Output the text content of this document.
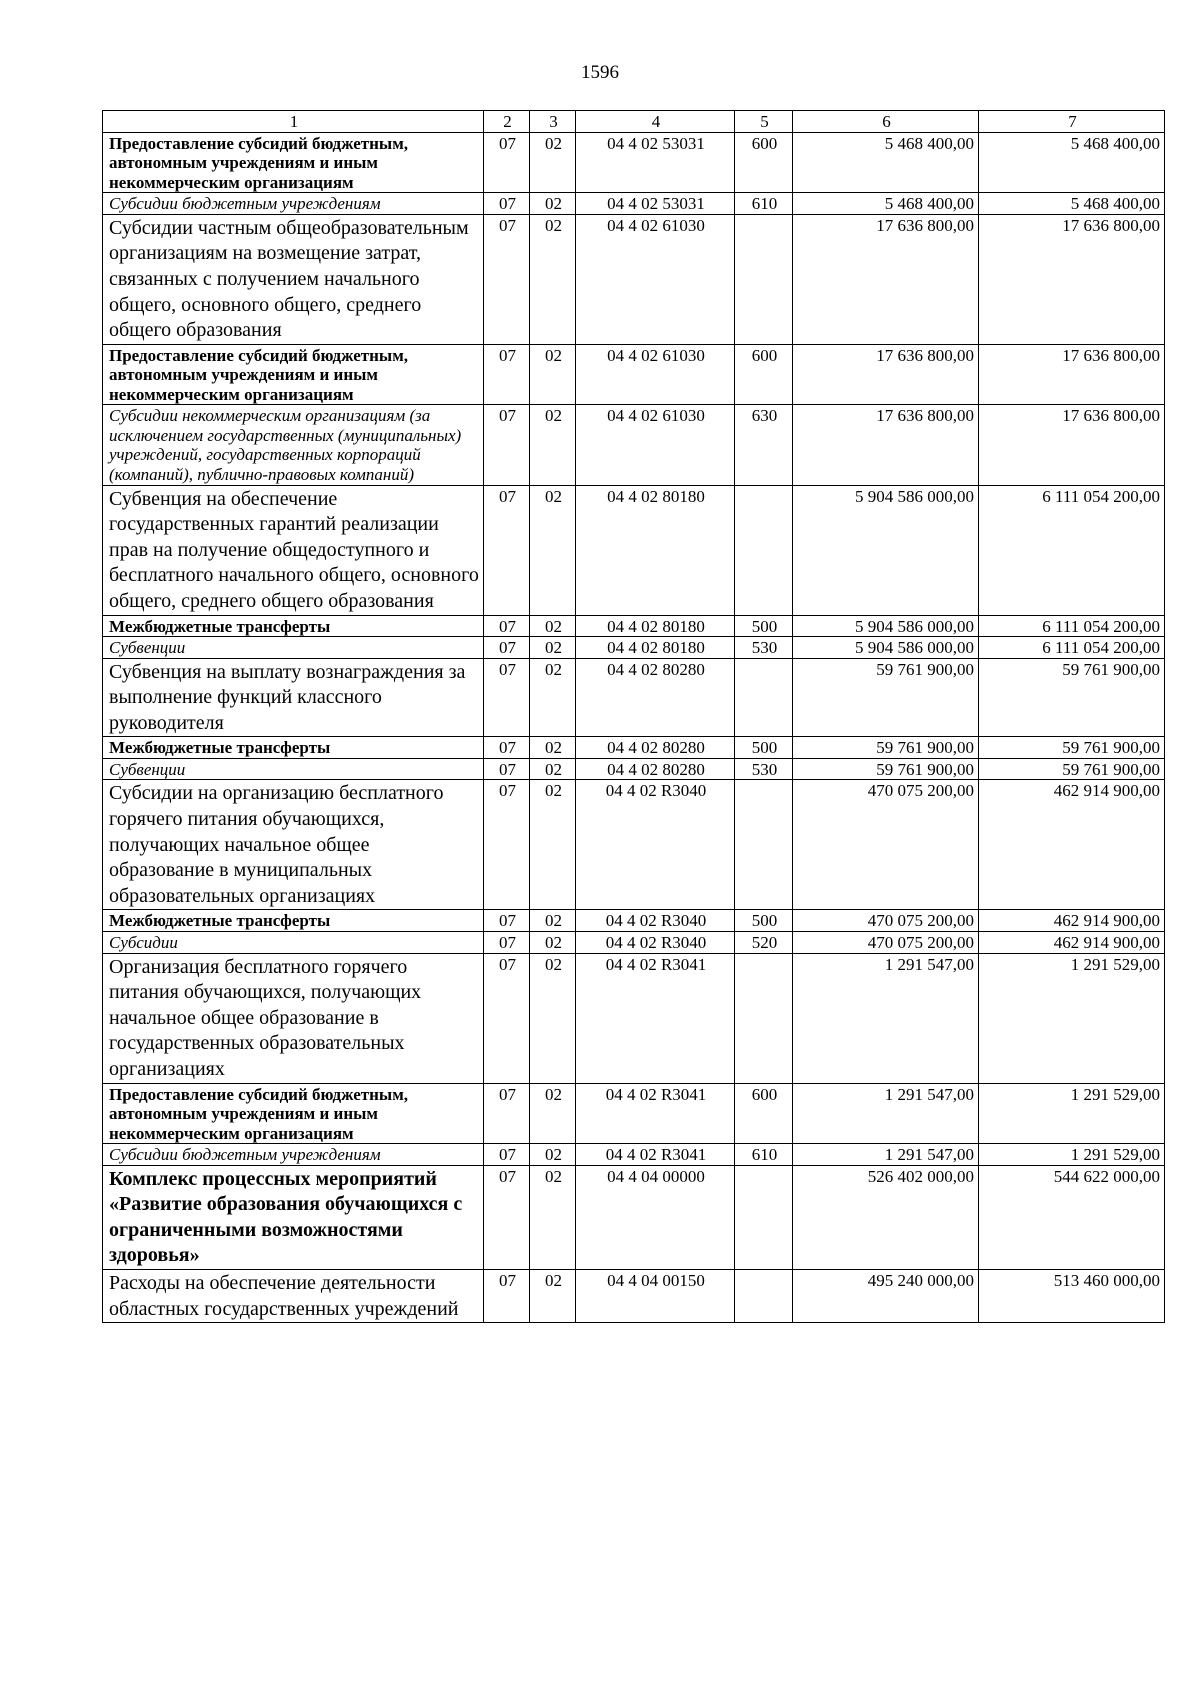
1596
1	2	3	4	5	6	7
Предоставление субсидий бюджетным, автономным учреждениям и иным некоммерческим организациям	07	02	04 4 02 53031	600	5 468 400,00	5 468 400,00
Субсидии бюджетным учреждениям	07	02	04 4 02 53031	610	5 468 400,00	5 468 400,00
Субсидии частным общеобразовательным организациям на возмещение затрат, связанных с получением начального общего, основного общего, среднего общего образования	07	02	04 4 02 61030		17 636 800,00	17 636 800,00
Предоставление субсидий бюджетным, автономным учреждениям и иным некоммерческим организациям	07	02	04 4 02 61030	600	17 636 800,00	17 636 800,00
Субсидии некоммерческим организациям (за исключением государственных (муниципальных) учреждений, государственных корпораций (компаний), публично-правовых компаний)	07	02	04 4 02 61030	630	17 636 800,00	17 636 800,00
Субвенция на обеспечение государственных гарантий реализации прав на получение общедоступного и бесплатного начального общего, основного общего, среднего общего образования	07	02	04 4 02 80180		5 904 586 000,00	6 111 054 200,00
Межбюджетные трансферты	07	02	04 4 02 80180	500	5 904 586 000,00	6 111 054 200,00
Субвенции	07	02	04 4 02 80180	530	5 904 586 000,00	6 111 054 200,00
Субвенция на выплату вознаграждения за выполнение функций классного руководителя	07	02	04 4 02 80280		59 761 900,00	59 761 900,00
Межбюджетные трансферты	07	02	04 4 02 80280	500	59 761 900,00	59 761 900,00
Субвенции	07	02	04 4 02 80280	530	59 761 900,00	59 761 900,00
Субсидии на организацию бесплатного горячего питания обучающихся, получающих начальное общее образование в муниципальных образовательных организациях	07	02	04 4 02 R3040		470 075 200,00	462 914 900,00
Межбюджетные трансферты	07	02	04 4 02 R3040	500	470 075 200,00	462 914 900,00
Субсидии	07	02	04 4 02 R3040	520	470 075 200,00	462 914 900,00
Организация бесплатного горячего питания обучающихся, получающих начальное общее образование в государственных образовательных организациях	07	02	04 4 02 R3041		1 291 547,00	1 291 529,00
Предоставление субсидий бюджетным, автономным учреждениям и иным некоммерческим организациям	07	02	04 4 02 R3041	600	1 291 547,00	1 291 529,00
Субсидии бюджетным учреждениям	07	02	04 4 02 R3041	610	1 291 547,00	1 291 529,00
Комплекс процессных мероприятий «Развитие образования обучающихся с ограниченными возможностями здоровья»	07	02	04 4 04 00000		526 402 000,00	544 622 000,00
Расходы на обеспечение деятельности областных государственных учреждений	07	02	04 4 04 00150		495 240 000,00	513 460 000,00
